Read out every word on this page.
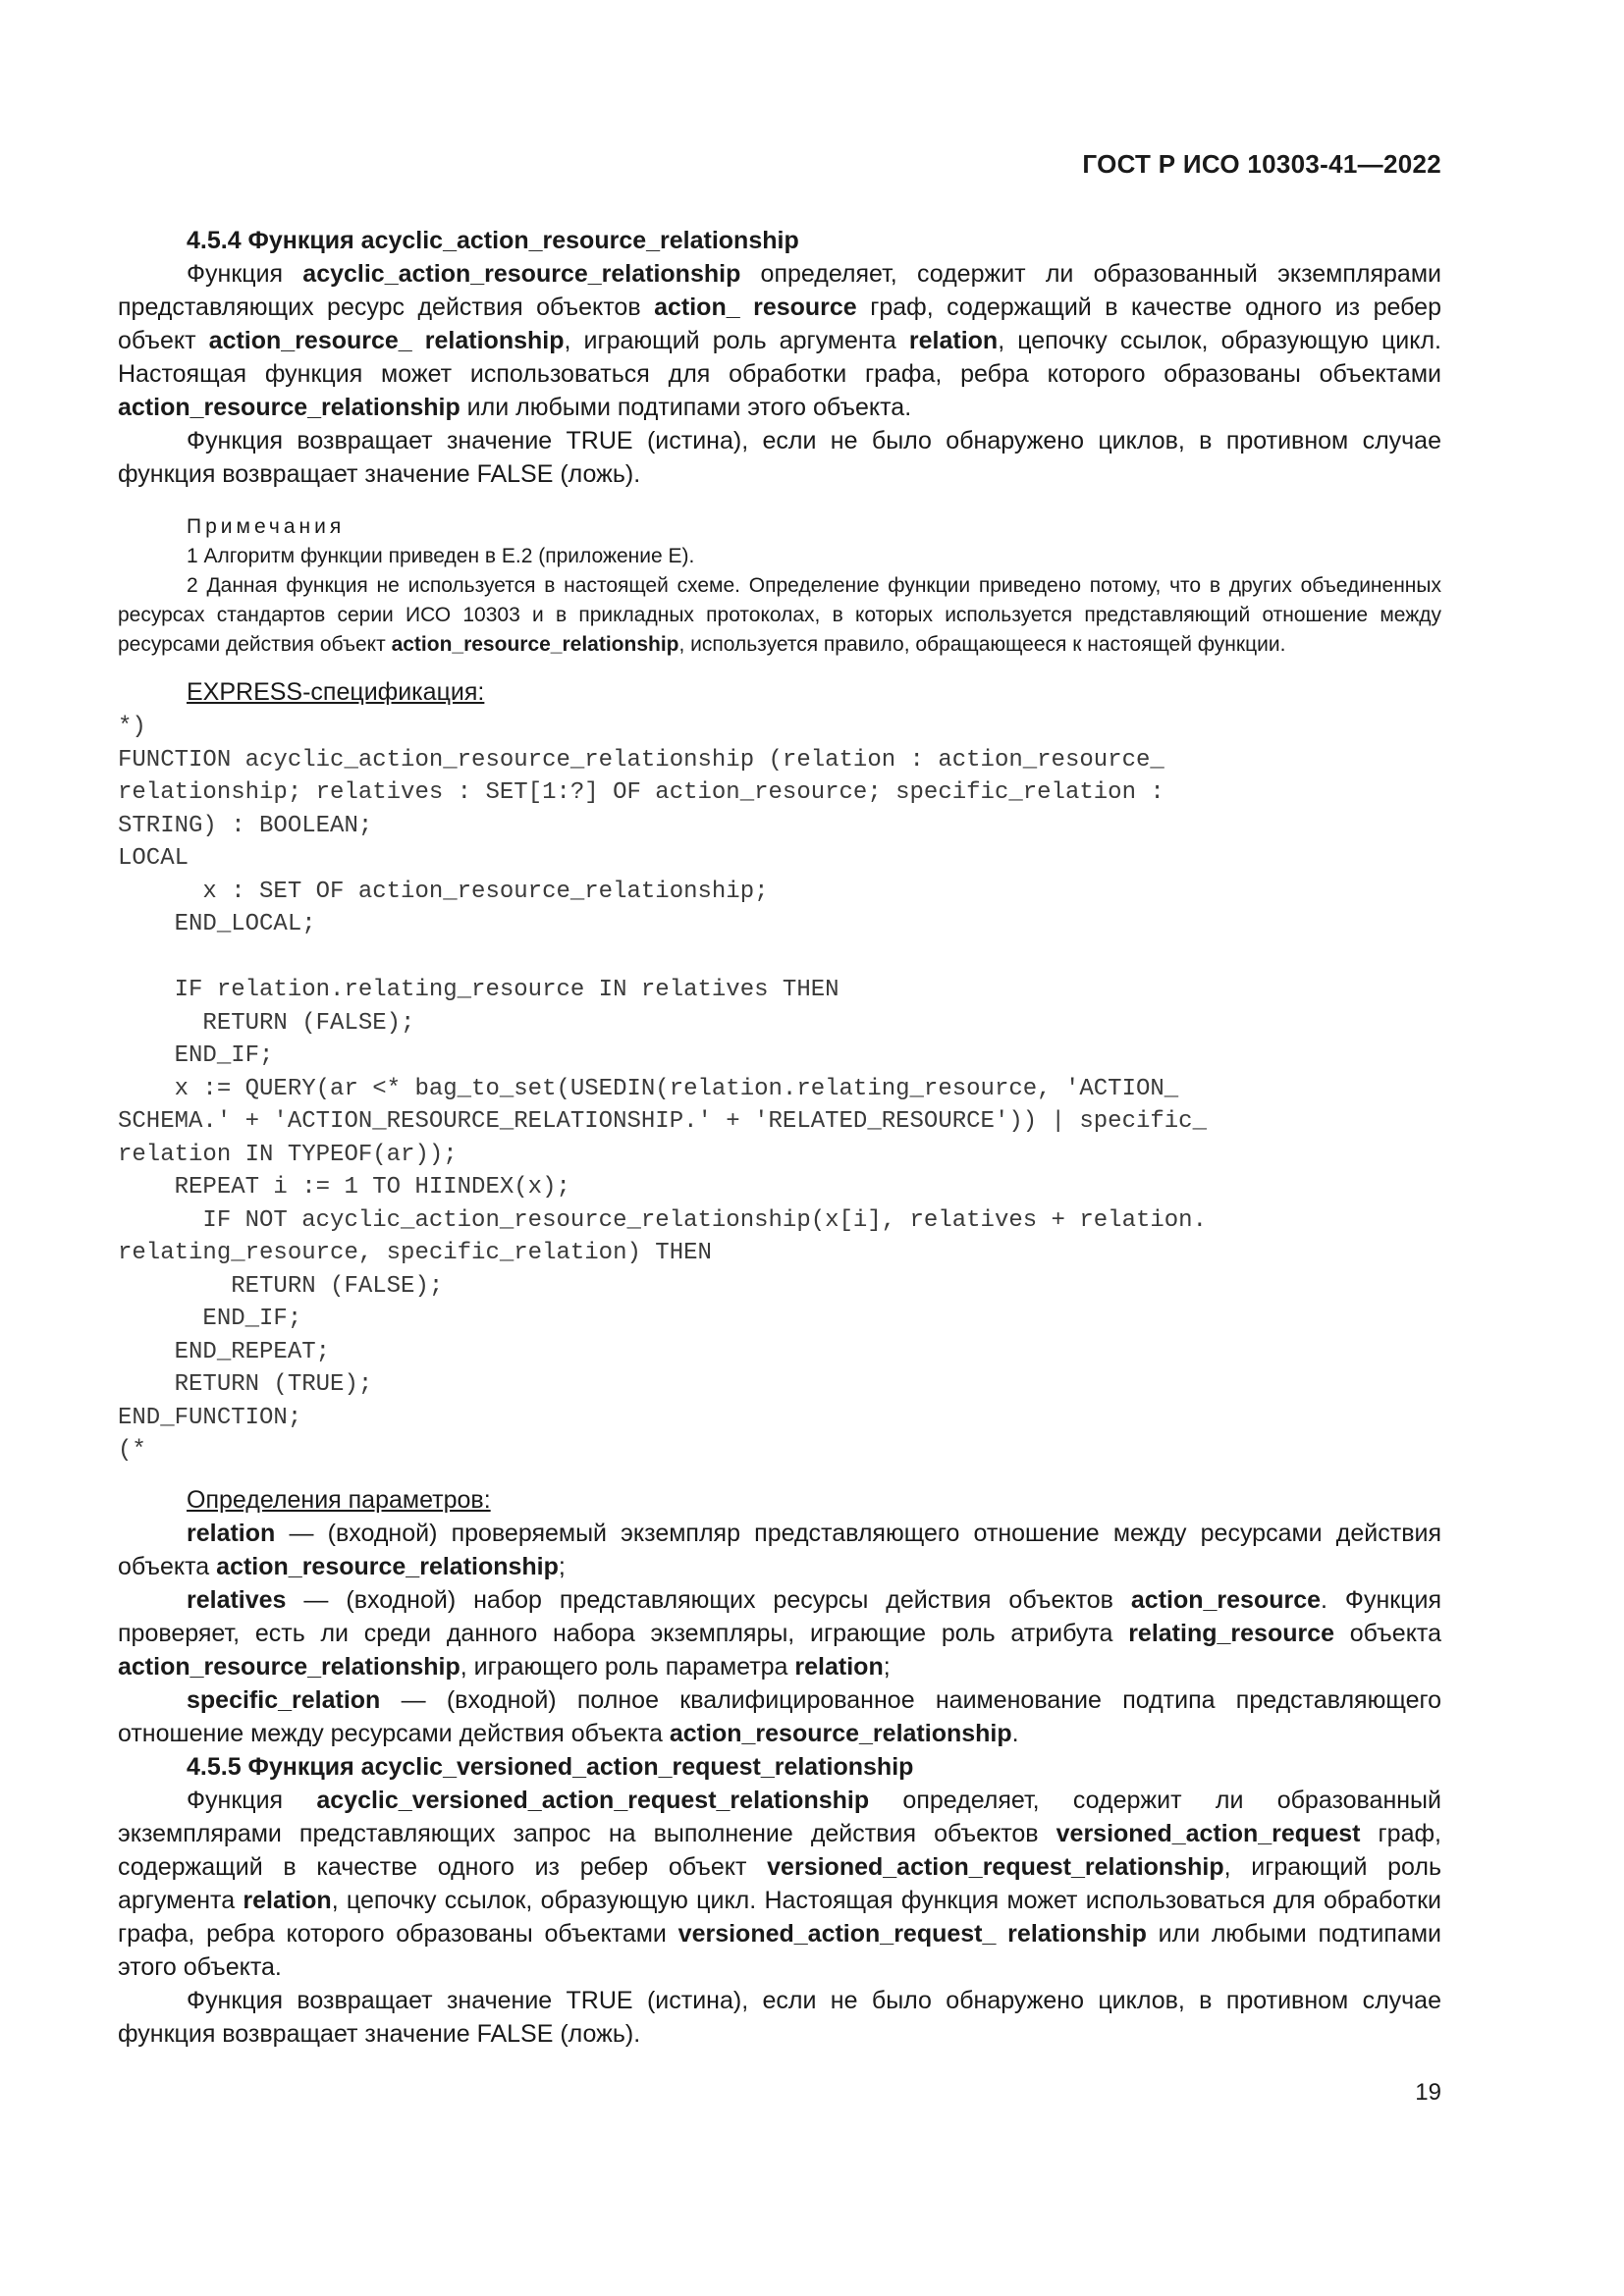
ГОСТ Р ИСО 10303-41—2022

4.5.4 Функция acyclic_action_resource_relationship

Функция acyclic_action_resource_relationship определяет, содержит ли образованный экземплярами представляющих ресурс действия объектов action_ resource граф, содержащий в качестве одного из ребер объект action_resource_ relationship, играющий роль аргумента relation, цепочку ссылок, образующую цикл. Настоящая функция может использоваться для обработки графа, ребра которого образованы объектами action_resource_relationship или любыми подтипами этого объекта.

Функция возвращает значение TRUE (истина), если не было обнаружено циклов, в противном случае функция возвращает значение FALSE (ложь).

Примечания

1 Алгоритм функции приведен в Е.2 (приложение Е).

2 Данная функция не используется в настоящей схеме. Определение функции приведено потому, что в других объединенных ресурсах стандартов серии ИСО 10303 и в прикладных протоколах, в которых используется представляющий отношение между ресурсами действия объект action_resource_relationship, используется правило, обращающееся к настоящей функции.

EXPRESS-спецификация:

*)
FUNCTION acyclic_action_resource_relationship (relation : action_resource_
relationship; relatives : SET[1:?] OF action_resource; specific_relation :
STRING) : BOOLEAN;
LOCAL
x : SET OF action_resource_relationship;
END_LOCAL;

IF relation.relating_resource IN relatives THEN
RETURN (FALSE);
END_IF;
x := QUERY(ar <* bag_to_set(USEDIN(relation.relating_resource, 'ACTION_
SCHEMA.' + 'ACTION_RESOURCE_RELATIONSHIP.' + 'RELATED_RESOURCE')) | specific_
relation IN TYPEOF(ar));
REPEAT i := 1 TO HIINDEX(x);
IF NOT acyclic_action_resource_relationship(x[i], relatives + relation.
relating_resource, specific_relation) THEN
RETURN (FALSE);
END_IF;
END_REPEAT;
RETURN (TRUE);
END_FUNCTION;
(*

Определения параметров:

relation — (входной) проверяемый экземпляр представляющего отношение между ресурсами действия объекта action_resource_relationship;

relatives — (входной) набор представляющих ресурсы действия объектов action_resource. Функция проверяет, есть ли среди данного набора экземпляры, играющие роль атрибута relating_resource объекта action_resource_relationship, играющего роль параметра relation;

specific_relation — (входной) полное квалифицированное наименование подтипа представляющего отношение между ресурсами действия объекта action_resource_relationship.

4.5.5 Функция acyclic_versioned_action_request_relationship

Функция acyclic_versioned_action_request_relationship определяет, содержит ли образованный экземплярами представляющих запрос на выполнение действия объектов versioned_action_request граф, содержащий в качестве одного из ребер объект versioned_action_request_relationship, играющий роль аргумента relation, цепочку ссылок, образующую цикл. Настоящая функция может использоваться для обработки графа, ребра которого образованы объектами versioned_action_request_ relationship или любыми подтипами этого объекта.

Функция возвращает значение TRUE (истина), если не было обнаружено циклов, в противном случае функция возвращает значение FALSE (ложь).

19
